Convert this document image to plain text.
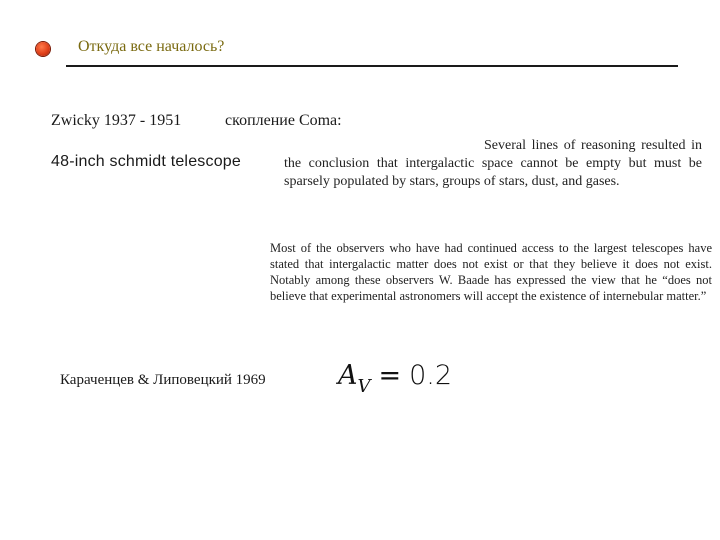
Откуда все началось?
Zwicky 1937 - 1951	скопление Coma:
48-inch schmidt telescope

Several lines of reasoning resulted in the conclusion that intergalactic space cannot be empty but must be sparsely populated by stars, groups of stars, dust, and gases.

Most of the observers who have had continued access to the largest telescopes have stated that intergalactic matter does not exist or that they believe it does not exist. Notably among these observers W. Baade has expressed the view that he “does not believe that experimental astronomers will accept the existence of internebular matter.”

Караченцев & Липовецкий 1969	$A_V = 0.2$
